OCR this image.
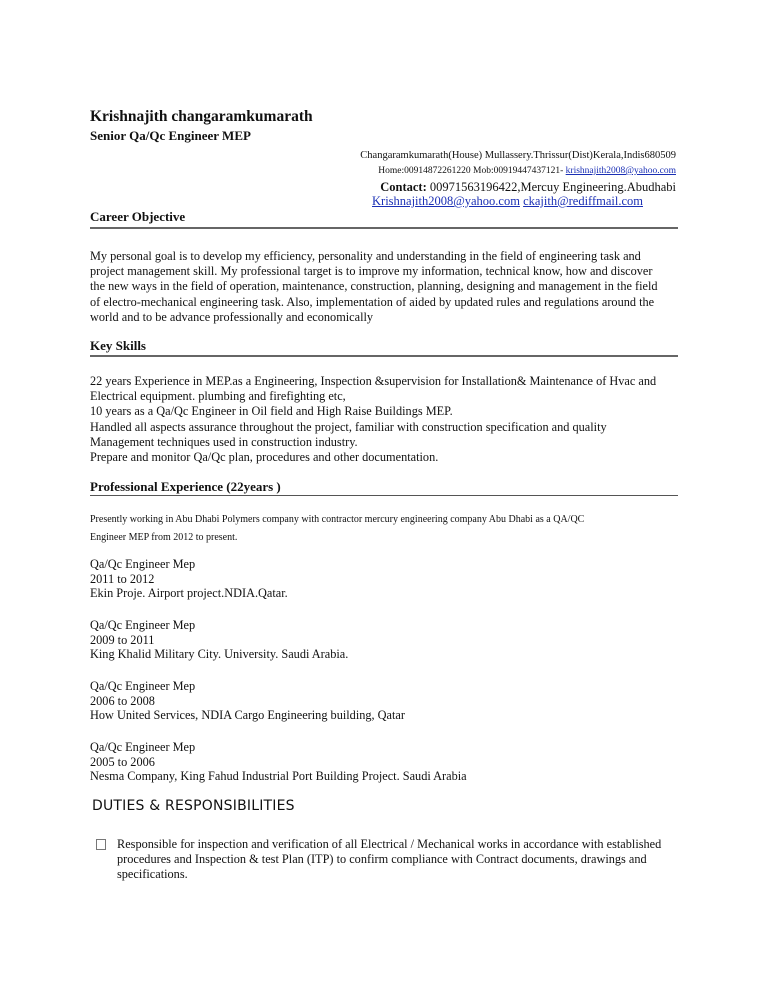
Krishnajith changaramkumarath
Senior Qa/Qc Engineer MEP
Changaramkumarath(House) Mullassery.Thrissur(Dist)Kerala,Indis680509
Home:00914872261220 Mob:00919447437121- krishnajith2008@yahoo.com
Contact: 00971563196422,Mercuy Engineering.Abudhabi
Krishnajith2008@yahoo.com ckajith@rediffmail.com
Career Objective

My personal goal is to develop my efficiency, personality and understanding in the field of engineering task and

project management skill. My professional target is to improve my information, technical know, how and discover

the new ways in the field of operation, maintenance, construction, planning, designing and management in the field

of electro-mechanical engineering task. Also, implementation of aided by updated rules and regulations around the

world and to be advance professionally and economically

Key Skills

22 years Experience in MEP.as a Engineering, Inspection &supervision for Installation& Maintenance of Hvac and

Electrical equipment. plumbing and firefighting etc,

10 years as a Qa/Qc Engineer in Oil field and High Raise Buildings MEP.

Handled all aspects assurance throughout the project, familiar with construction specification and quality

Management techniques used in construction industry.

Prepare and monitor Qa/Qc plan, procedures and other documentation.

Professional Experience (22years )

Presently working in Abu Dhabi Polymers company with contractor mercury engineering company Abu Dhabi as a QA/QC

Engineer MEP from 2012 to present.

Qa/Qc Engineer Mep
2011 to 2012
Ekin Proje. Airport project.NDIA.Qatar.
Qa/Qc Engineer Mep
2009 to 2011
King Khalid Military City. University. Saudi Arabia.
Qa/Qc Engineer Mep
2006 to 2008
How United Services, NDIA Cargo Engineering building, Qatar
Qa/Qc Engineer Mep
2005 to 2006
Nesma Company, King Fahud Industrial Port Building Project. Saudi Arabia
DUTIES & RESPONSIBILITIES

Responsible for inspection and verification of all Electrical / Mechanical works in accordance with established

procedures and Inspection & test Plan (ITP) to confirm compliance with Contract documents, drawings and

specifications.
